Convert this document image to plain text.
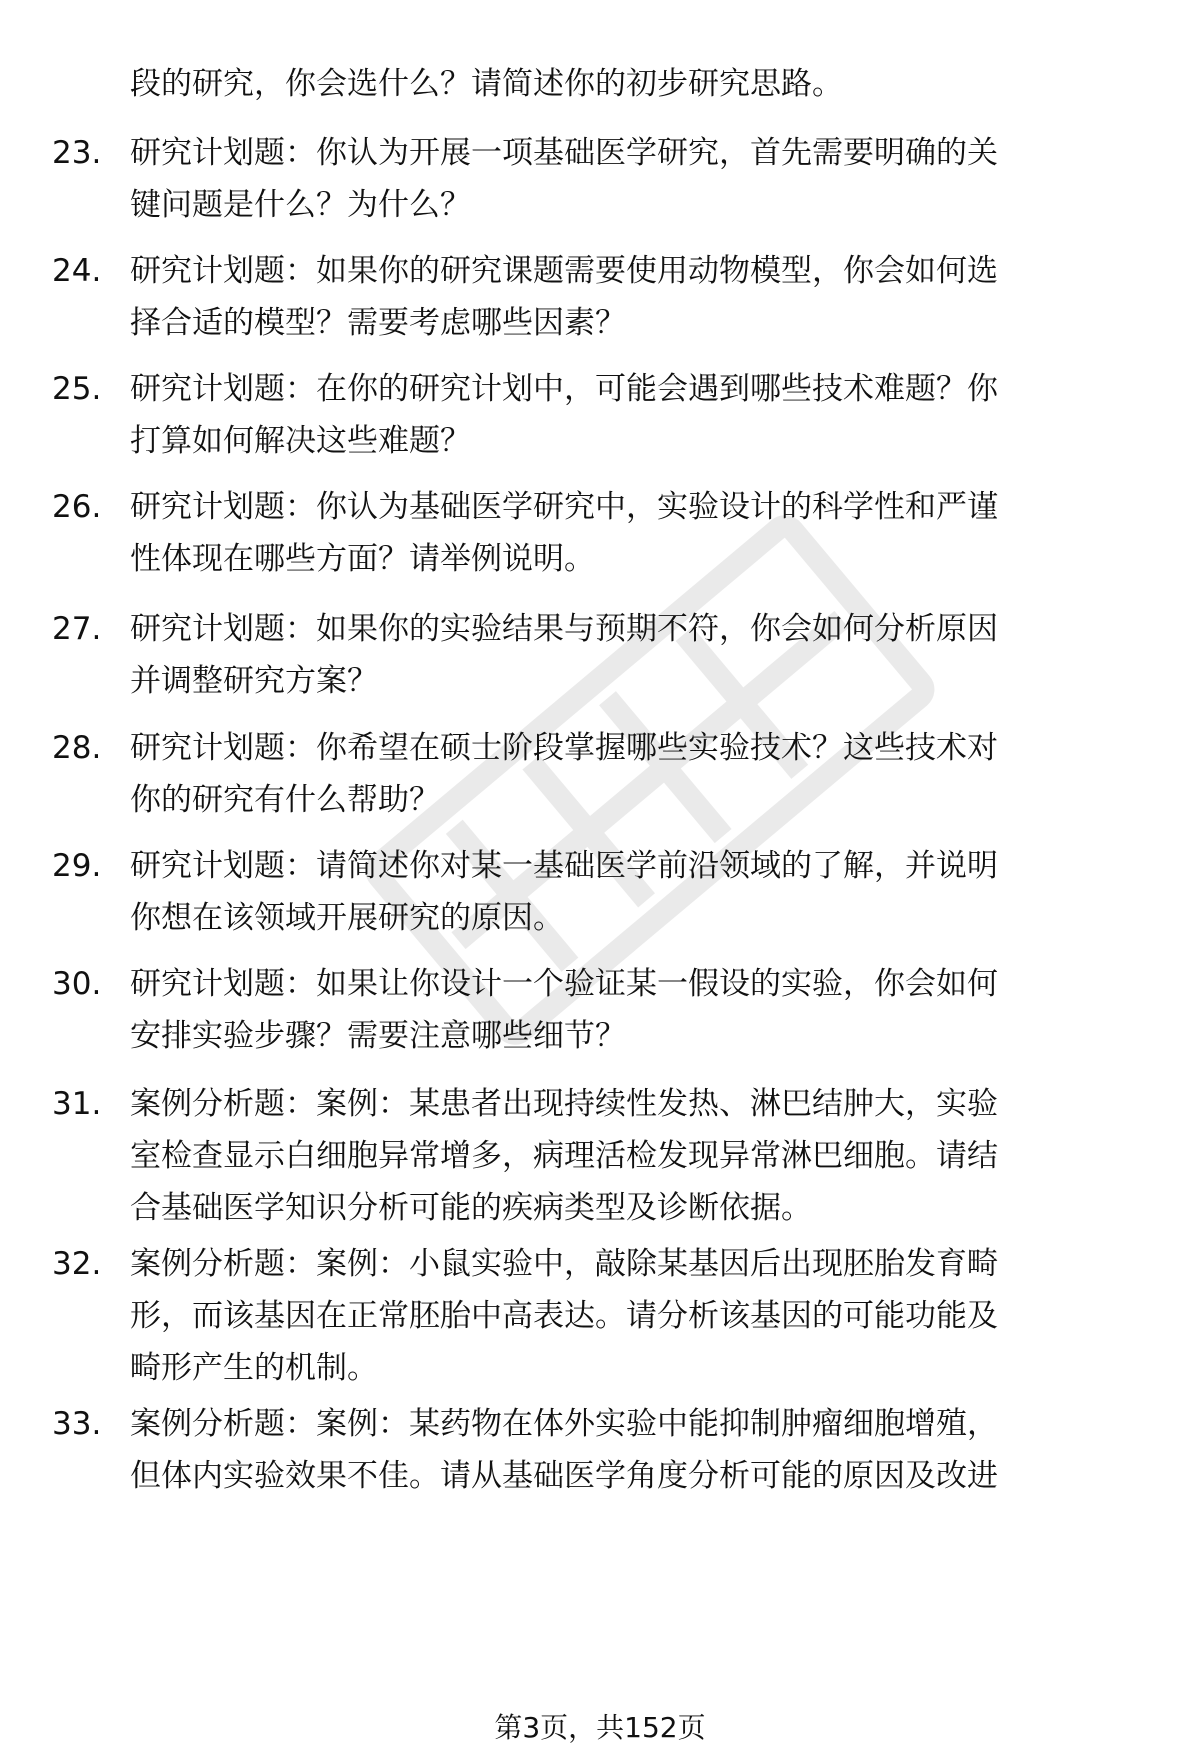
段的研究，你会选什么？请简述你的初步研究思路。
23. 研究计划题：你认为开展一项基础医学研究，首先需要明确的关
键问题是什么？为什么？
24. 研究计划题：如果你的研究课题需要使用动物模型，你会如何选
择合适的模型？需要考虑哪些因素？
25. 研究计划题：在你的研究计划中，可能会遇到哪些技术难题？你
打算如何解决这些难题？
26. 研究计划题：你认为基础医学研究中，实验设计的科学性和严谨
性体现在哪些方面？请举例说明。
27. 研究计划题：如果你的实验结果与预期不符，你会如何分析原因
并调整研究方案？
28. 研究计划题：你希望在硕士阶段掌握哪些实验技术？这些技术对
你的研究有什么帮助？
29. 研究计划题：请简述你对某一基础医学前沿领域的了解，并说明
你想在该领域开展研究的原因。
30. 研究计划题：如果让你设计一个验证某一假设的实验，你会如何
安排实验步骤？需要注意哪些细节？
31. 案例分析题：案例：某患者出现持续性发热、淋巴结肿大，实验
室检查显示白细胞异常增多，病理活检发现异常淋巴细胞。请结
合基础医学知识分析可能的疾病类型及诊断依据。
32. 案例分析题：案例：小鼠实验中，敲除某基因后出现胚胎发育畸
形，而该基因在正常胚胎中高表达。请分析该基因的可能功能及
畸形产生的机制。
33. 案例分析题：案例：某药物在体外实验中能抑制肿瘤细胞增殖，
但体内实验效果不佳。请从基础医学角度分析可能的原因及改进
第3页，共152页
